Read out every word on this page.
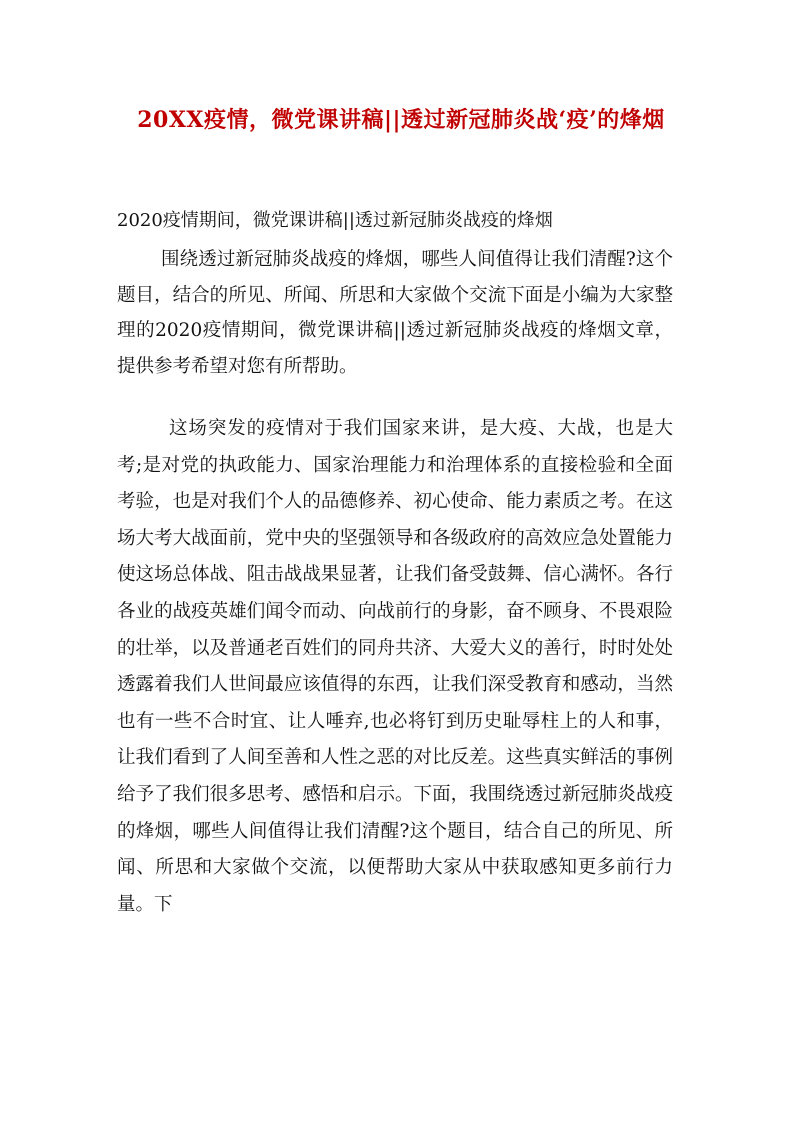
20XX疫情，微党课讲稿||透过新冠肺炎战‘疫’的烽烟

2020疫情期间，微党课讲稿||透过新冠肺炎战疫的烽烟

围绕透过新冠肺炎战疫的烽烟，哪些人间值得让我们清醒?这个题目，结合的所见、所闻、所思和大家做个交流下面是小编为大家整理的2020疫情期间，微党课讲稿||透过新冠肺炎战疫的烽烟文章，提供参考希望对您有所帮助。

这场突发的疫情对于我们国家来讲，是大疫、大战，也是大考;是对党的执政能力、国家治理能力和治理体系的直接检验和全面考验，也是对我们个人的品德修养、初心使命、能力素质之考。在这场大考大战面前，党中央的坚强领导和各级政府的高效应急处置能力使这场总体战、阻击战战果显著，让我们备受鼓舞、信心满怀。各行各业的战疫英雄们闻令而动、向战前行的身影，奋不顾身、不畏艰险的壮举，以及普通老百姓们的同舟共济、大爱大义的善行，时时处处透露着我们人世间最应该值得的东西，让我们深受教育和感动，当然也有一些不合时宜、让人唾弃,也必将钉到历史耻辱柱上的人和事，让我们看到了人间至善和人性之恶的对比反差。这些真实鲜活的事例给予了我们很多思考、感悟和启示。下面，我围绕透过新冠肺炎战疫的烽烟，哪些人间值得让我们清醒?这个题目，结合自己的所见、所闻、所思和大家做个交流，以便帮助大家从中获取感知更多前行力量。下
